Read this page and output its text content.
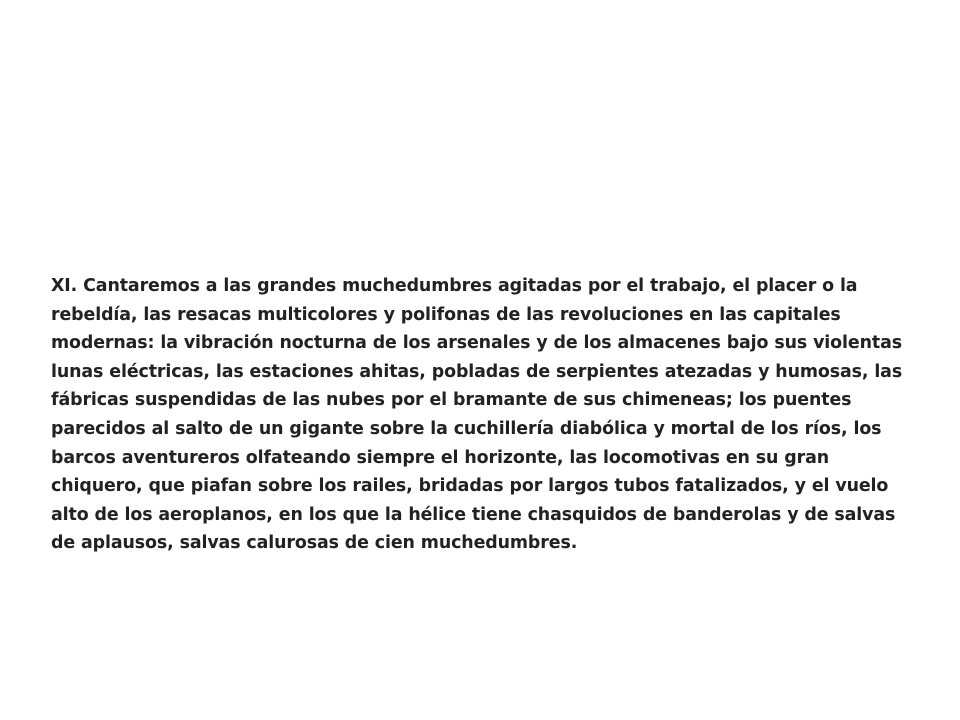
XI. Cantaremos a las grandes muchedumbres agitadas por el trabajo, el placer o la
rebeldía, las resacas multicolores y polifonas de las revoluciones en las capitales
modernas: la vibración nocturna de los arsenales y de los almacenes bajo sus violentas
lunas eléctricas, las estaciones ahitas, pobladas de serpientes atezadas y humosas, las
fábricas suspendidas de las nubes por el bramante de sus chimeneas; los puentes
parecidos al salto de un gigante sobre la cuchillería diabólica y mortal de los ríos, los
barcos aventureros olfateando siempre el horizonte, las locomotivas en su gran
chiquero, que piafan sobre los railes, bridadas por largos tubos fatalizados, y el vuelo
alto de los aeroplanos, en los que la hélice tiene chasquidos de banderolas y de salvas
de aplausos, salvas calurosas de cien muchedumbres.
